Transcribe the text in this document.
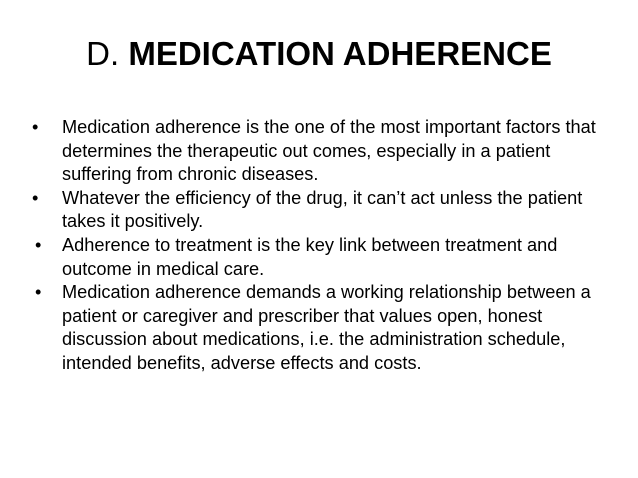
D. MEDICATION ADHERENCE
•	Medication adherence is the one of the most important factors that determines the therapeutic out comes, especially in a patient suffering from chronic diseases.
•	Whatever the efficiency of the drug, it can’t act unless the patient takes it positively.
•	Adherence to treatment is the key link between treatment and outcome in medical care.
•	Medication adherence demands a working relationship between a patient or caregiver and prescriber that values open, honest discussion about medications, i.e. the administration schedule, intended benefits, adverse effects and costs.
